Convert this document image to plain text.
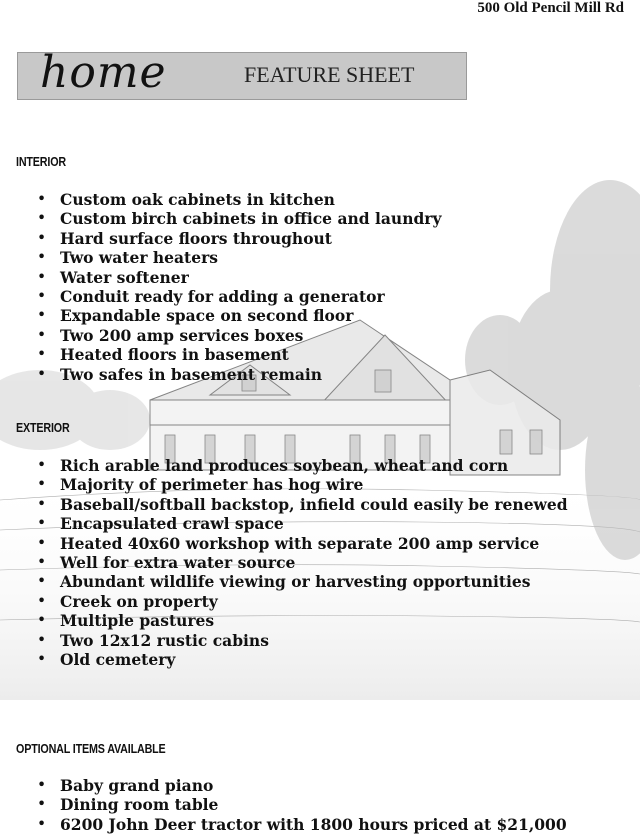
500 Old Pencil Mill Rd
home	FEATURE SHEET
INTERIOR
• Custom oak cabinets in kitchen
• Custom birch cabinets in office and laundry
• Hard surface floors throughout
• Two water heaters
• Water softener
• Conduit ready for adding a generator
• Expandable space on second floor
• Two 200 amp services boxes
• Heated floors in basement
• Two safes in basement remain
EXTERIOR
• Rich arable land produces soybean, wheat and corn
• Majority of perimeter has hog wire
• Baseball/softball backstop, infield could easily be renewed
• Encapsulated crawl space
• Heated 40x60 workshop with separate 200 amp service
• Well for extra water source
• Abundant wildlife viewing or harvesting opportunities
• Creek on property
• Multiple pastures
• Two 12x12 rustic cabins
• Old cemetery
OPTIONAL ITEMS AVAILABLE
• Baby grand piano
• Dining room table
• 6200 John Deer tractor with 1800 hours priced at $21,000
